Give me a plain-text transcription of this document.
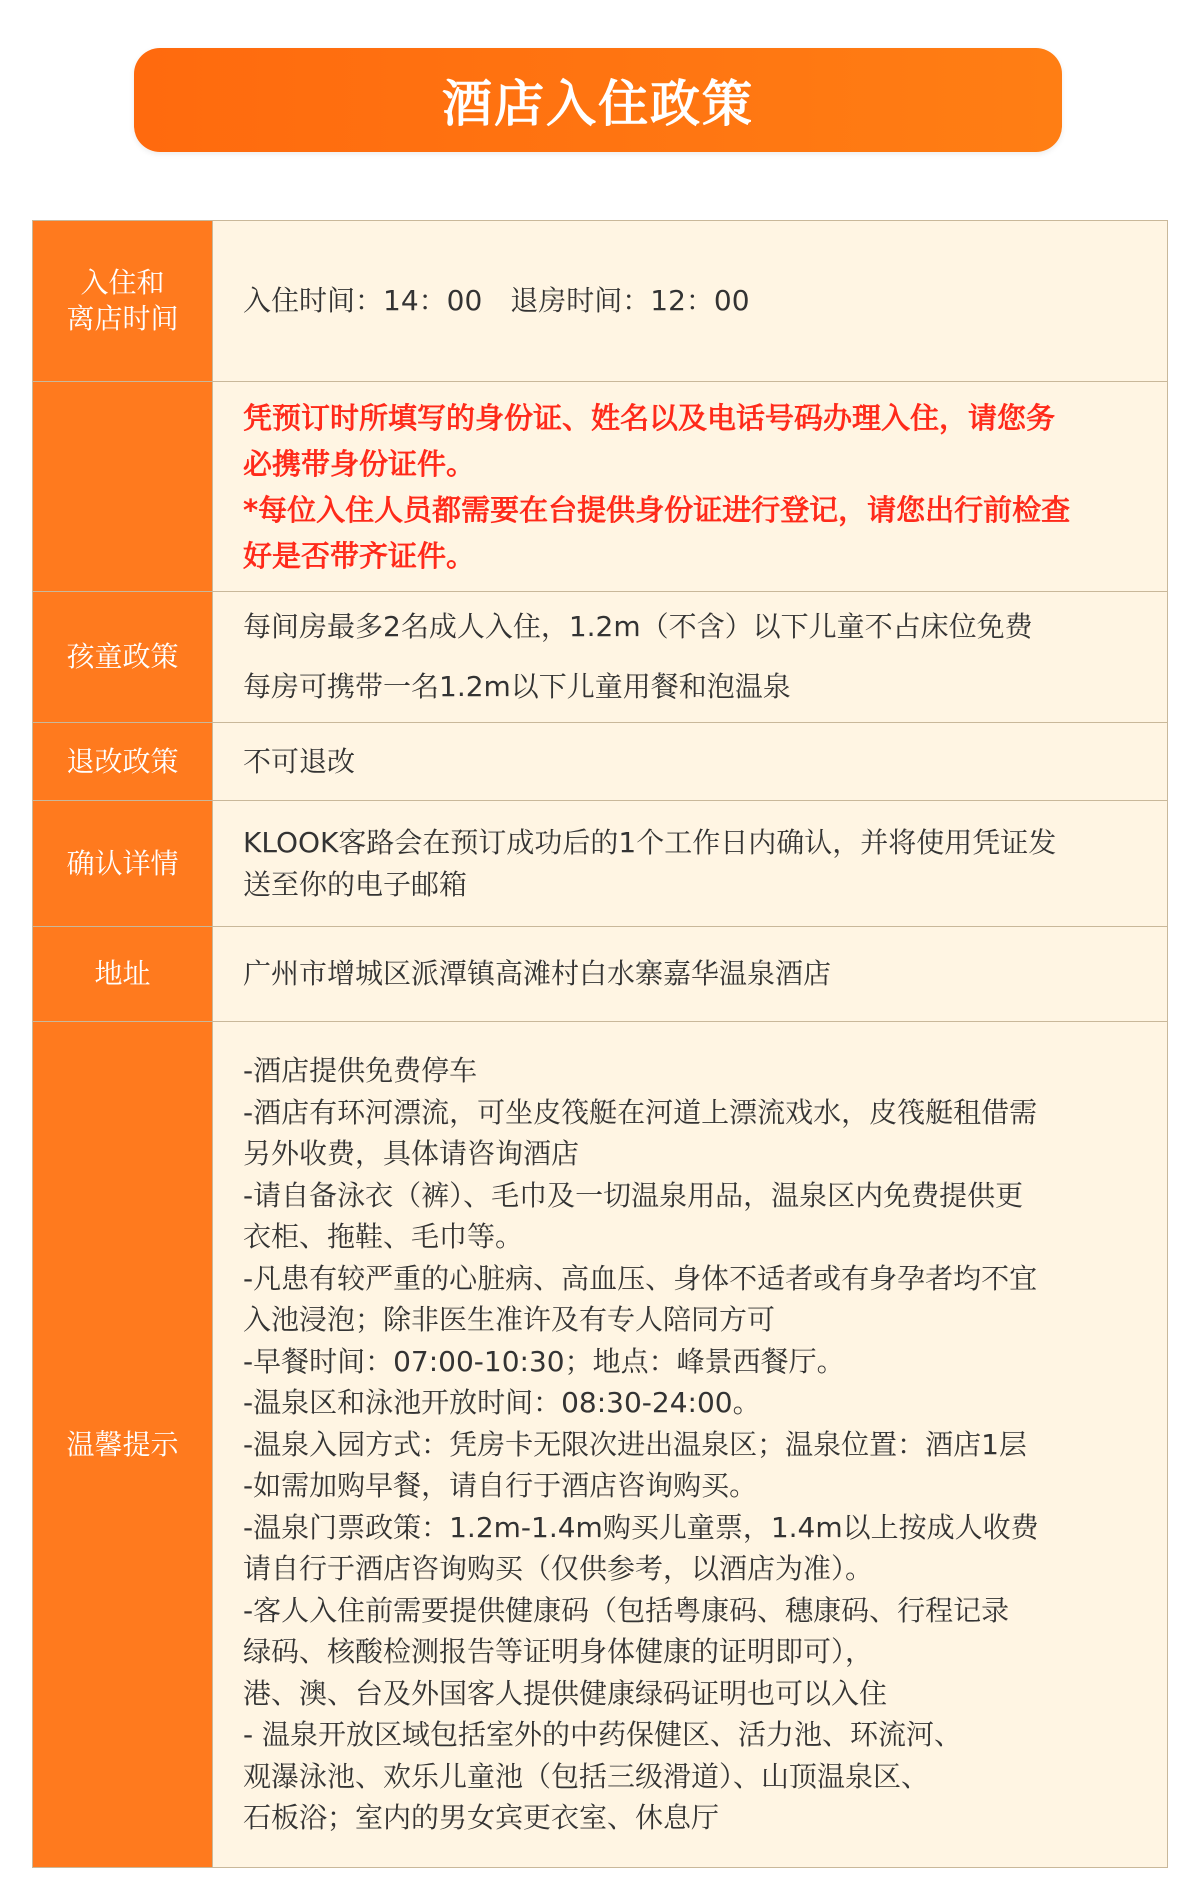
酒店入住政策
入住和
离店时间
入住时间：14：00　退房时间：12：00
凭预订时所填写的身份证、姓名以及电话号码办理入住，请您务
必携带身份证件。
*每位入住人员都需要在台提供身份证进行登记，请您出行前检查
好是否带齐证件。
孩童政策
每间房最多2名成人入住，1.2m（不含）以下儿童不占床位免费
每房可携带一名1.2m以下儿童用餐和泡温泉
退改政策 不可退改
确认详情
KLOOK客路会在预订成功后的1个工作日内确认，并将使用凭证发
送至你的电子邮箱
地址	广州市增城区派潭镇高滩村白水寨嘉华温泉酒店
温馨提示
-酒店提供免费停车
-酒店有环河漂流，可坐皮筏艇在河道上漂流戏水，皮筏艇租借需
另外收费，具体请咨询酒店
-请自备泳衣（裤）、毛巾及一切温泉用品，温泉区内免费提供更
衣柜、拖鞋、毛巾等。
-凡患有较严重的心脏病、高血压、身体不适者或有身孕者均不宜
入池浸泡；除非医生准许及有专人陪同方可
-早餐时间：07:00-10:30；地点：峰景西餐厅。
-温泉区和泳池开放时间：08:30-24:00。
-温泉入园方式：凭房卡无限次进出温泉区；温泉位置：酒店1层
-如需加购早餐，请自行于酒店咨询购买。
-温泉门票政策：1.2m-1.4m购买儿童票，1.4m以上按成人收费
请自行于酒店咨询购买（仅供参考，以酒店为准）。
-客人入住前需要提供健康码（包括粤康码、穗康码、行程记录
绿码、核酸检测报告等证明身体健康的证明即可），
港、澳、台及外国客人提供健康绿码证明也可以入住
- 温泉开放区域包括室外的中药保健区、活力池、环流河、
观瀑泳池、欢乐儿童池（包括三级滑道）、山顶温泉区、
石板浴；室内的男女宾更衣室、休息厅
